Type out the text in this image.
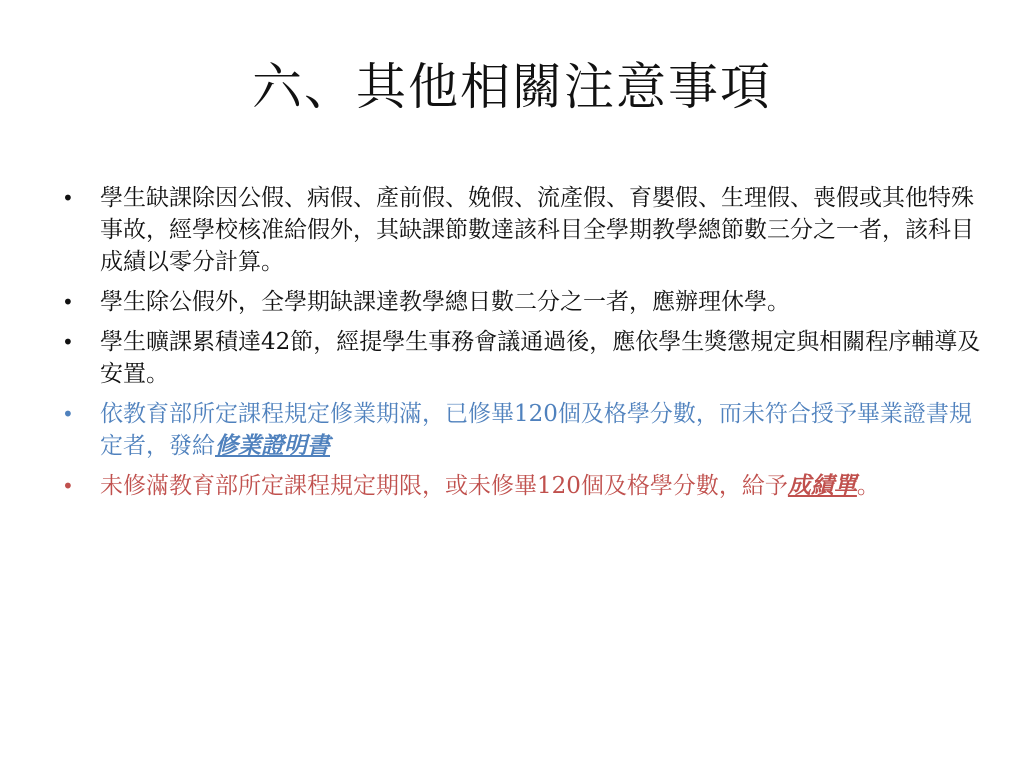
六、其他相關注意事項
•	學生缺課除因公假、病假、產前假、娩假、流產假、育嬰假、生理假、喪假或其他特殊事故，經學校核准給假外，其缺課節數達該科目全學期教學總節數三分之一者，該科目成績以零分計算。
•	學生除公假外，全學期缺課達教學總日數二分之一者，應辦理休學。
•	學生曠課累積達42節，經提學生事務會議通過後，應依學生獎懲規定與相關程序輔導及安置。
•	依教育部所定課程規定修業期滿，已修畢120個及格學分數，而未符合授予畢業證書規定者，發給修業證明書
•	未修滿教育部所定課程規定期限，或未修畢120個及格學分數，給予成績單。
